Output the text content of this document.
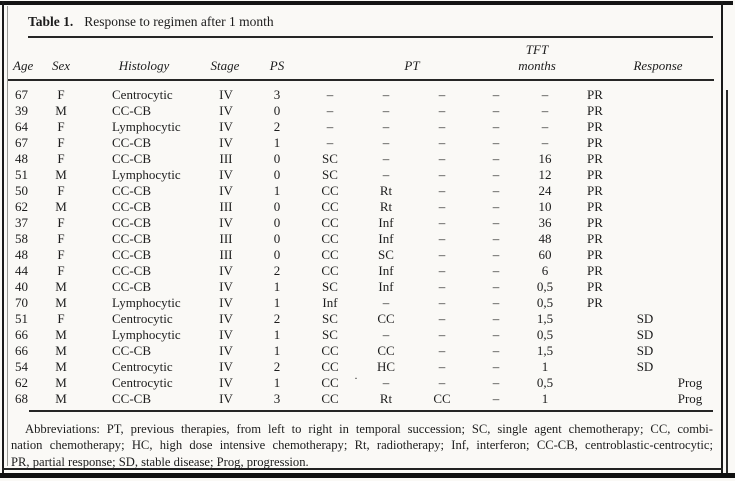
Table 1. Response to regimen after 1 month
Age Sex	Histology	Stage PS	PT
TFT
months	Response
67	F	Centrocytic	IV	3	–	–	–	–	–	PR
39	M	CC-CB	IV	0	–	–	–	–	–	PR
64	F	Lymphocytic	IV	2	–	–	–	–	–	PR
67	F	CC-CB	IV	1	–	–	–	–	–	PR
48	F	CC-CB	III	0	SC	–	–	–	16	PR
51	M	Lymphocytic	IV	0	SC	–	–	–	12	PR
50	F	CC-CB	IV	1	CC	Rt	–	–	24	PR
62	M	CC-CB	III	0	CC	Rt	–	–	10	PR
37	F	CC-CB	IV	0	CC	Inf	–	–	36	PR
58	F	CC-CB	III	0	CC	Inf	–	–	48	PR
48	F	CC-CB	III	0	CC	SC	–	–	60	PR
44	F	CC-CB	IV	2	CC	Inf	–	–	6	PR
40	M	CC-CB	IV	1	SC	Inf	–	–	0,5	PR
70	M	Lymphocytic	IV	1	Inf	–	–	–	0,5	PR
51	F	Centrocytic	IV	2	SC	CC	–	–	1,5	SD
66	M	Lymphocytic	IV	1	SC	–	–	–	0,5	SD
66	M	CC-CB	IV	1	CC	CC	–	–	1,5	SD
54	M	Centrocytic	IV	2	CC	HC	–	–	1	SD
62	M	Centrocytic	IV	1	CC	–	–	–	0,5	Prog
68	M	CC-CB	IV	3	CC	Rt	CC	–	1	Prog
Abbreviations: PT, previous therapies, from left to right in temporal succession; SC, single agent chemotherapy; CC, combi-
nation chemotherapy; HC, high dose intensive chemotherapy; Rt, radiotherapy; Inf, interferon; CC-CB, centroblastic-centrocytic;
PR, partial response; SD, stable disease; Prog, progression.
·
